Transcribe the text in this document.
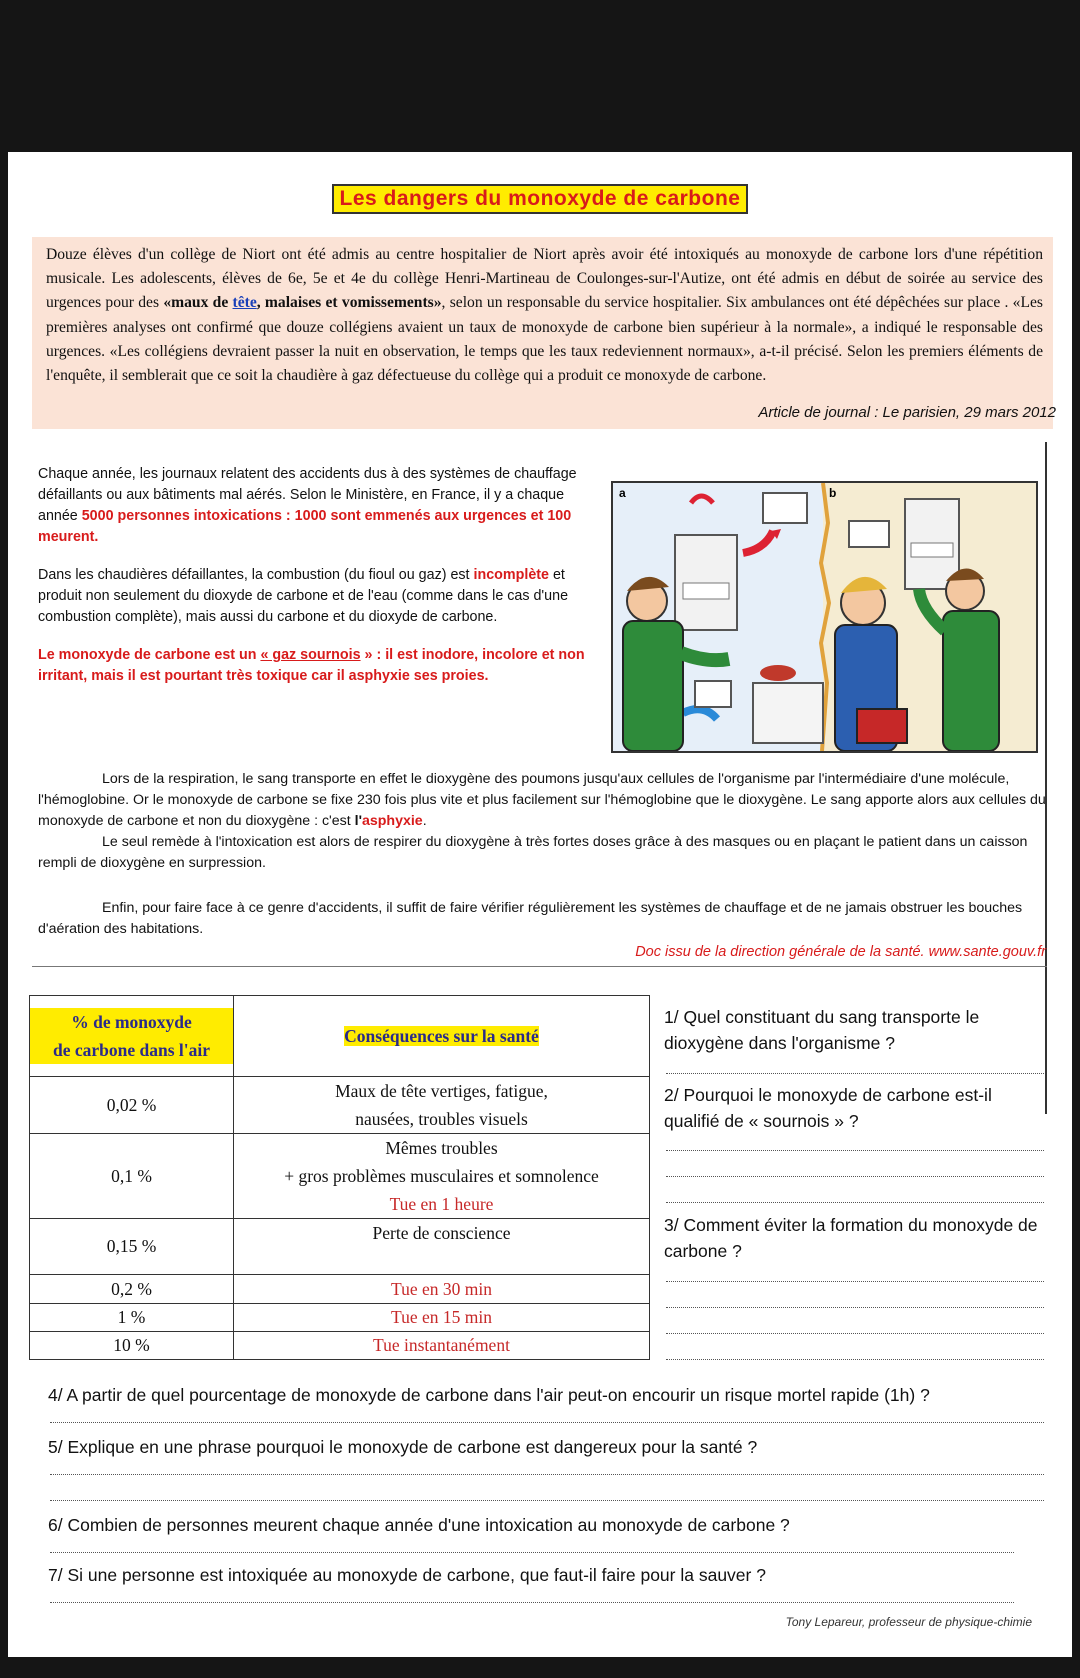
Les dangers du monoxyde de carbone
Douze élèves d'un collège de Niort ont été admis au centre hospitalier de Niort après avoir été intoxiqués au monoxyde de carbone lors d'une répétition musicale. Les adolescents, élèves de 6e, 5e et 4e du collège Henri-Martineau de Coulonges-sur-l'Autize, ont été admis en début de soirée au service des urgences pour des «maux de tête, malaises et vomissements», selon un responsable du service hospitalier. Six ambulances ont été dépêchées sur place . «Les premières analyses ont confirmé que douze collégiens avaient un taux de monoxyde de carbone bien supérieur à la normale», a indiqué le responsable des urgences. «Les collégiens devraient passer la nuit en observation, le temps que les taux redeviennent normaux», a-t-il précisé. Selon les premiers éléments de l'enquête, il semblerait que ce soit la chaudière à gaz défectueuse du collège qui a produit ce monoxyde de carbone.
Article de journal : Le parisien, 29 mars 2012

Chaque année, les journaux relatent des accidents dus à des systèmes de chauffage défaillants ou aux bâtiments mal aérés. Selon le Ministère, en France, il y a chaque année 5000 personnes intoxications : 1000 sont emmenés aux urgences et 100 meurent.

Dans les chaudières défaillantes, la combustion (du fioul ou gaz) est incomplète et produit non seulement du dioxyde de carbone et de l'eau (comme dans le cas d'une combustion complète), mais aussi du carbone et du dioxyde de carbone.

Le monoxyde de carbone est un « gaz sournois » : il est inodore, incolore et non irritant, mais il est pourtant très toxique car il asphyxie ses proies.

a	b
Lors de la respiration, le sang transporte en effet le dioxygène des poumons jusqu'aux cellules de l'organisme par l'intermédiaire d'une molécule, l'hémoglobine. Or le monoxyde de carbone se fixe 230 fois plus vite et plus facilement sur l'hémoglobine que le dioxygène. Le sang apporte alors aux cellules du monoxyde de carbone et non du dioxygène : c'est l'asphyxie.
Le seul remède à l'intoxication est alors de respirer du dioxygène à très fortes doses grâce à des masques ou en plaçant le patient dans un caisson rempli de dioxygène en surpression.
Enfin, pour faire face à ce genre d'accidents, il suffit de faire vérifier régulièrement les systèmes de chauffage et de ne jamais obstruer les bouches d'aération des habitations.
Doc issu de la direction générale de la santé. www.sante.gouv.fr
% de monoxyde
de carbone dans l'air	Conséquences sur la santé
0,02 %	Maux de tête vertiges, fatigue,
nausées, troubles visuels

0,1 %	Mêmes troubles
+ gros problèmes musculaires et somnolence
Tue en 1 heure

0,15 %	Perte de conscience

0,2 %	Tue en 30 min
1 %	Tue en 15 min
10 %	Tue instantanément
1/ Quel constituant du sang transporte le dioxygène dans l'organisme ?
2/ Pourquoi le monoxyde de carbone est-il qualifié de « sournois » ?
3/ Comment éviter la formation du monoxyde de carbone ?
4/ A partir de quel pourcentage de monoxyde de carbone dans l'air peut-on encourir un risque mortel rapide (1h) ?
5/ Explique en une phrase pourquoi le monoxyde de carbone est dangereux pour la santé ?
6/ Combien de personnes meurent chaque année d'une intoxication au monoxyde de carbone ?
7/ Si une personne est intoxiquée au monoxyde de carbone, que faut-il faire pour la sauver ?
Tony Lepareur, professeur de physique-chimie
